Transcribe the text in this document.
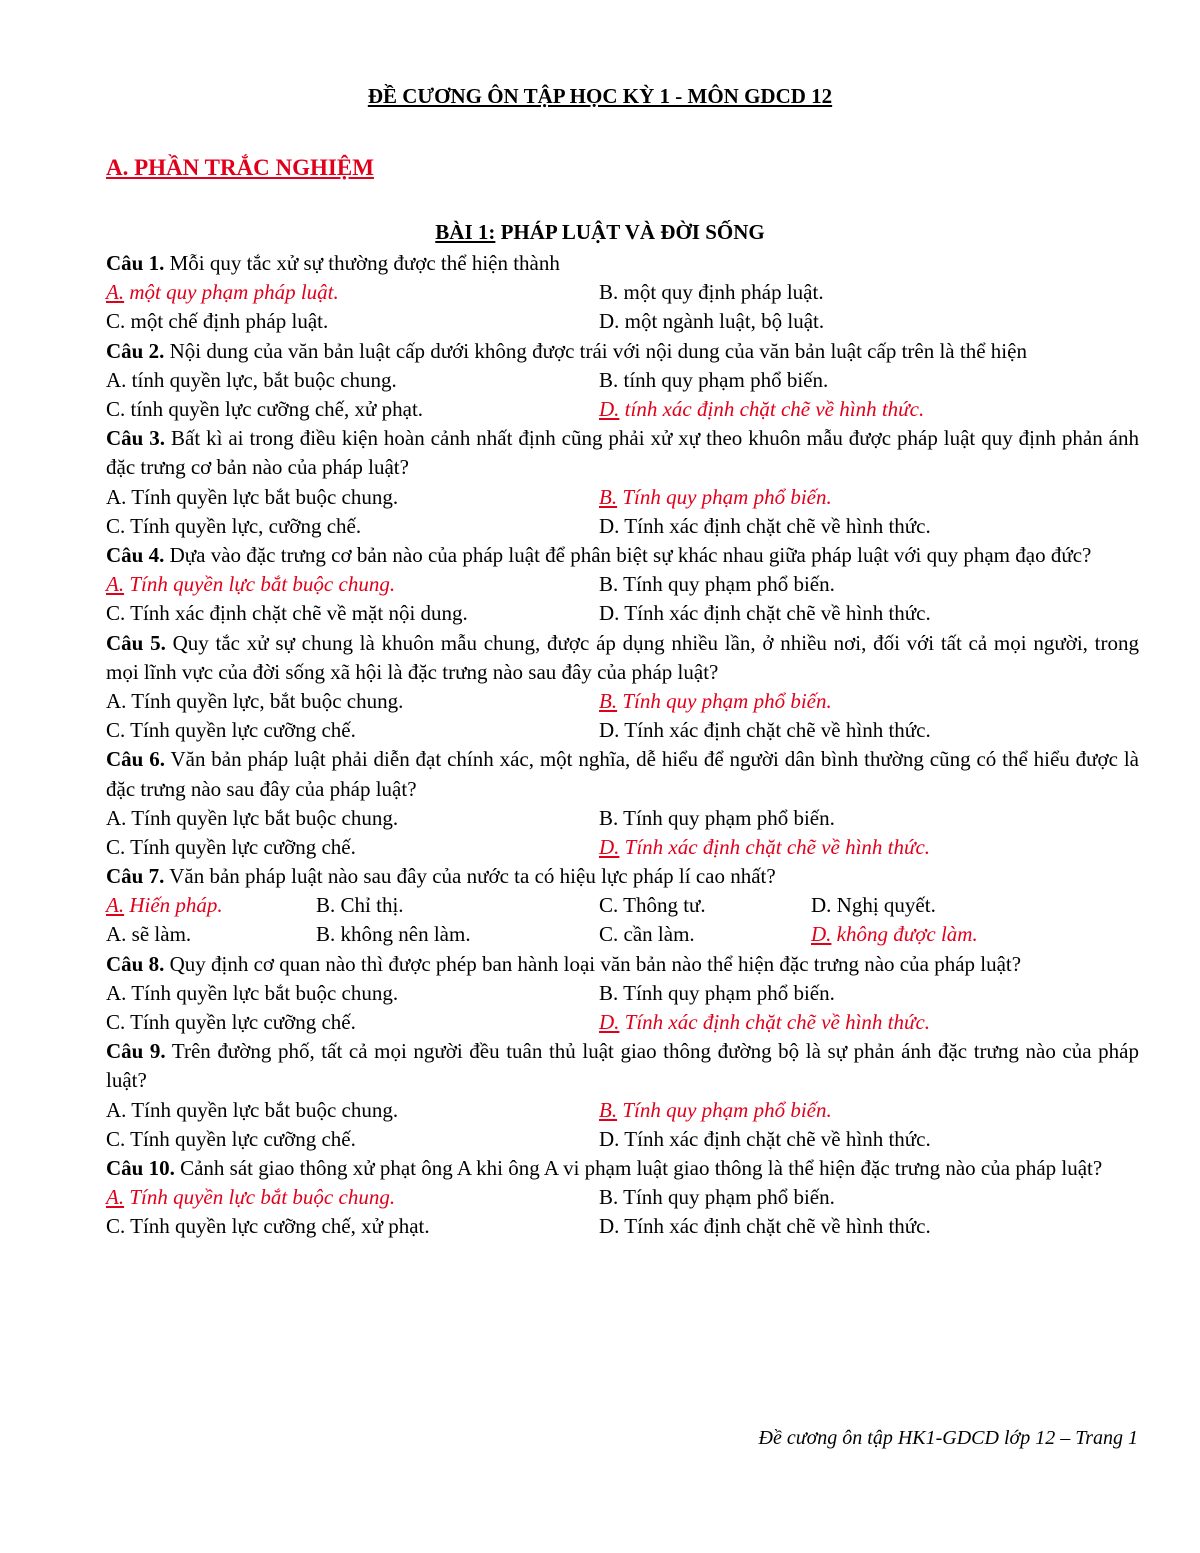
ĐỀ CƯƠNG ÔN TẬP HỌC KỲ 1 - MÔN GDCD 12
A. PHẦN TRẮC NGHIỆM
BÀI 1: PHÁP LUẬT VÀ ĐỜI SỐNG
Câu 1. Mỗi quy tắc xử sự thường được thể hiện thành
A. một quy phạm pháp luật.	B. một quy định pháp luật.
C. một chế định pháp luật.	D. một ngành luật, bộ luật.
Câu 2. Nội dung của văn bản luật cấp dưới không được trái với nội dung của văn bản luật cấp trên là thể hiện
A. tính quyền lực, bắt buộc chung.	B. tính quy phạm phổ biến.
C. tính quyền lực cưỡng chế, xử phạt.	D. tính xác định chặt chẽ về hình thức.
Câu 3. Bất kì ai trong điều kiện hoàn cảnh nhất định cũng phải xử xự theo khuôn mẫu được pháp luật quy định phản ánh đặc trưng cơ bản nào của pháp luật?
A. Tính quyền lực bắt buộc chung.	B. Tính quy phạm phổ biến.
C. Tính quyền lực, cưỡng chế.	D. Tính xác định chặt chẽ về hình thức.
Câu 4. Dựa vào đặc trưng cơ bản nào của pháp luật để phân biệt sự khác nhau giữa pháp luật với quy phạm đạo đức?
A. Tính quyền lực bắt buộc chung.	B. Tính quy phạm phổ biến.
C. Tính xác định chặt chẽ về mặt nội dung.	D. Tính xác định chặt chẽ về hình thức.
Câu 5. Quy tắc xử sự chung là khuôn mẫu chung, được áp dụng nhiều lần, ở nhiều nơi, đối với tất cả mọi người, trong mọi lĩnh vực của đời sống xã hội là đặc trưng nào sau đây của pháp luật?
A. Tính quyền lực, bắt buộc chung.	B. Tính quy phạm phổ biến.
C. Tính quyền lực cưỡng chế.	D. Tính xác định chặt chẽ về hình thức.
Câu 6. Văn bản pháp luật phải diễn đạt chính xác, một nghĩa, dễ hiểu để người dân bình thường cũng có thể hiểu được là đặc trưng nào sau đây của pháp luật?
A. Tính quyền lực bắt buộc chung.	B. Tính quy phạm phổ biến.
C. Tính quyền lực cưỡng chế.	D. Tính xác định chặt chẽ về hình thức.
Câu 7. Văn bản pháp luật nào sau đây của nước ta có hiệu lực pháp lí cao nhất?
A. Hiến pháp.	B. Chỉ thị.	C. Thông tư.	D. Nghị quyết.
A. sẽ làm.	B. không nên làm.	C. cần làm.	D. không được làm.
Câu 8. Quy định cơ quan nào thì được phép ban hành loại văn bản nào thể hiện đặc trưng nào của pháp luật?
A. Tính quyền lực bắt buộc chung.	B. Tính quy phạm phổ biến.
C. Tính quyền lực cưỡng chế.	D. Tính xác định chặt chẽ về hình thức.
Câu 9. Trên đường phố, tất cả mọi người đều tuân thủ luật giao thông đường bộ là sự phản ánh đặc trưng nào của pháp luật?
A. Tính quyền lực bắt buộc chung.	B. Tính quy phạm phổ biến.
C. Tính quyền lực cưỡng chế.	D. Tính xác định chặt chẽ về hình thức.
Câu 10. Cảnh sát giao thông xử phạt ông A khi ông A vi phạm luật giao thông là thể hiện đặc trưng nào của pháp luật?
A. Tính quyền lực bắt buộc chung.	B. Tính quy phạm phổ biến.
C. Tính quyền lực cưỡng chế, xử phạt.	D. Tính xác định chặt chẽ về hình thức.
Đề cương ôn tập HK1-GDCD lớp 12 – Trang 1
